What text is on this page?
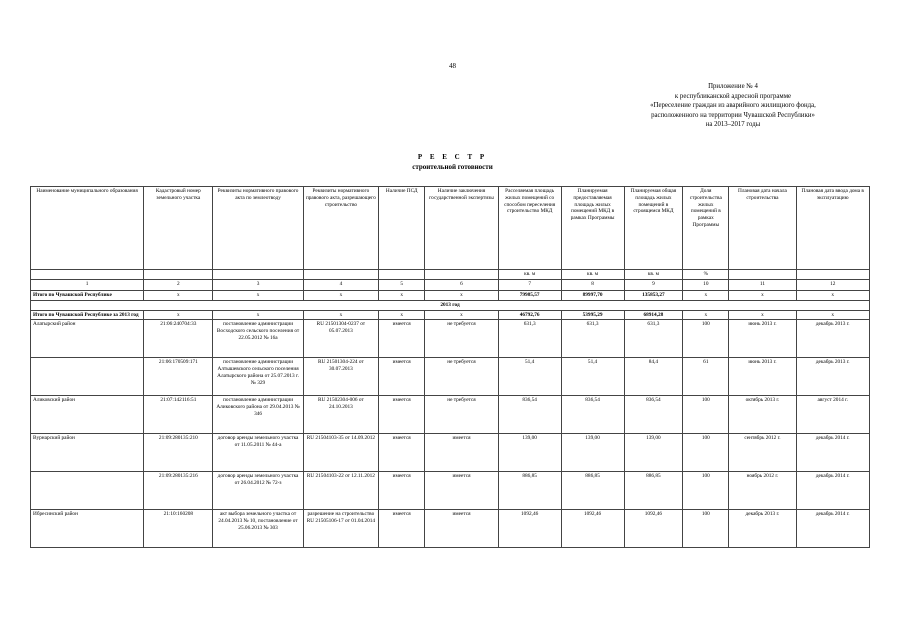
48
Приложение № 4
к республиканской адресной программе
«Переселение граждан из аварийного жилищного фонда,
расположенного на территории Чувашской Республики»
на 2013–2017 годы
Р Е Е С Т Р
строительной готовности
Наименование муниципального образования	Кадастровый номер земельного участка	Реквизиты нормативного правового акта по землеотводу	Реквизиты нормативного правового акта, разрешающего строительство	Наличие ПСД	Наличие заключения государственной экспертизы	Расселяемая площадь жилых помещений со способом переселения строительство МКД	Планируемая предоставляемая площадь жилых помещений МКД в рамках Программы	Планируемая общая площадь жилых помещений в строящемся МКД	Доля строительства жилых помещений в рамках Программы	Плановая дата начала строительства	Плановая дата ввода дома в эксплуатацию
						кв. м	кв. м	кв. м	%		
1	2	3	4	5	6	7	8	9	10	11	12
Итого по Чувашской Республике	х	х	х	х	х	79985,57	89997,70	135853,27	х	х	х
2013 год											
Итого по Чувашской Республике за 2013 год	х	х	х	х	х	46792,76	53995,29	68914,28	х	х	х
Алатырский район	21:06:240704:33	постановление администрации Восходского сельского поселения от 22.05.2012 № 16а	RU 21501304-0237 от 05.07.2013	имеется	не требуется	631,3	631,3	631,3	100	июнь 2013 г.	декабрь 2013 г.
	21:06:170509:171	постановление администрации Алтышевского сельского поселения Алатырского района от 25.07.2013 г. № 329	RU 21501304-224 от 30.07.2013	имеется	не требуется	51,4	51,4	84,4	61	июнь 2013 г.	декабрь 2013 г.
Аликовский район	21:07:142116:51	постановление администрации Аликовского района от 29.04.2013 № 346	RU 21502304-006 от 24.10.2013	имеется	не требуется	836,54	836,54	836,54	100	октябрь 2013 г.	август 2014 г.
Вурнарский район	21:09:280135:210	договор аренды земельного участка от 11.05.2011 № 44-а	RU 21504103-35 от 14.09.2012	имеется	имеется	139,00	139,00	139,00	100	сентябрь 2012 г.	декабрь 2014 г.
	21:09:280135:216	договор аренды земельного участка от 26.04.2012 № 72-з	RU 21504103-22 от 12.11.2012	имеется	имеется	886,85	886,85	886,85	100	ноябрь 2012 г.	декабрь 2014 г.
Ибресинский район	21:10:160208	акт выбора земельного участка от 24.04.2013 № 10, постановление от 25.06.2013 № 303	разрешение на строительство RU 21505106-17 от 01.04.2014	имеется	имеется	1092,46	1092,46	1092,46	100	декабрь 2013 г.	декабрь 2014 г.
